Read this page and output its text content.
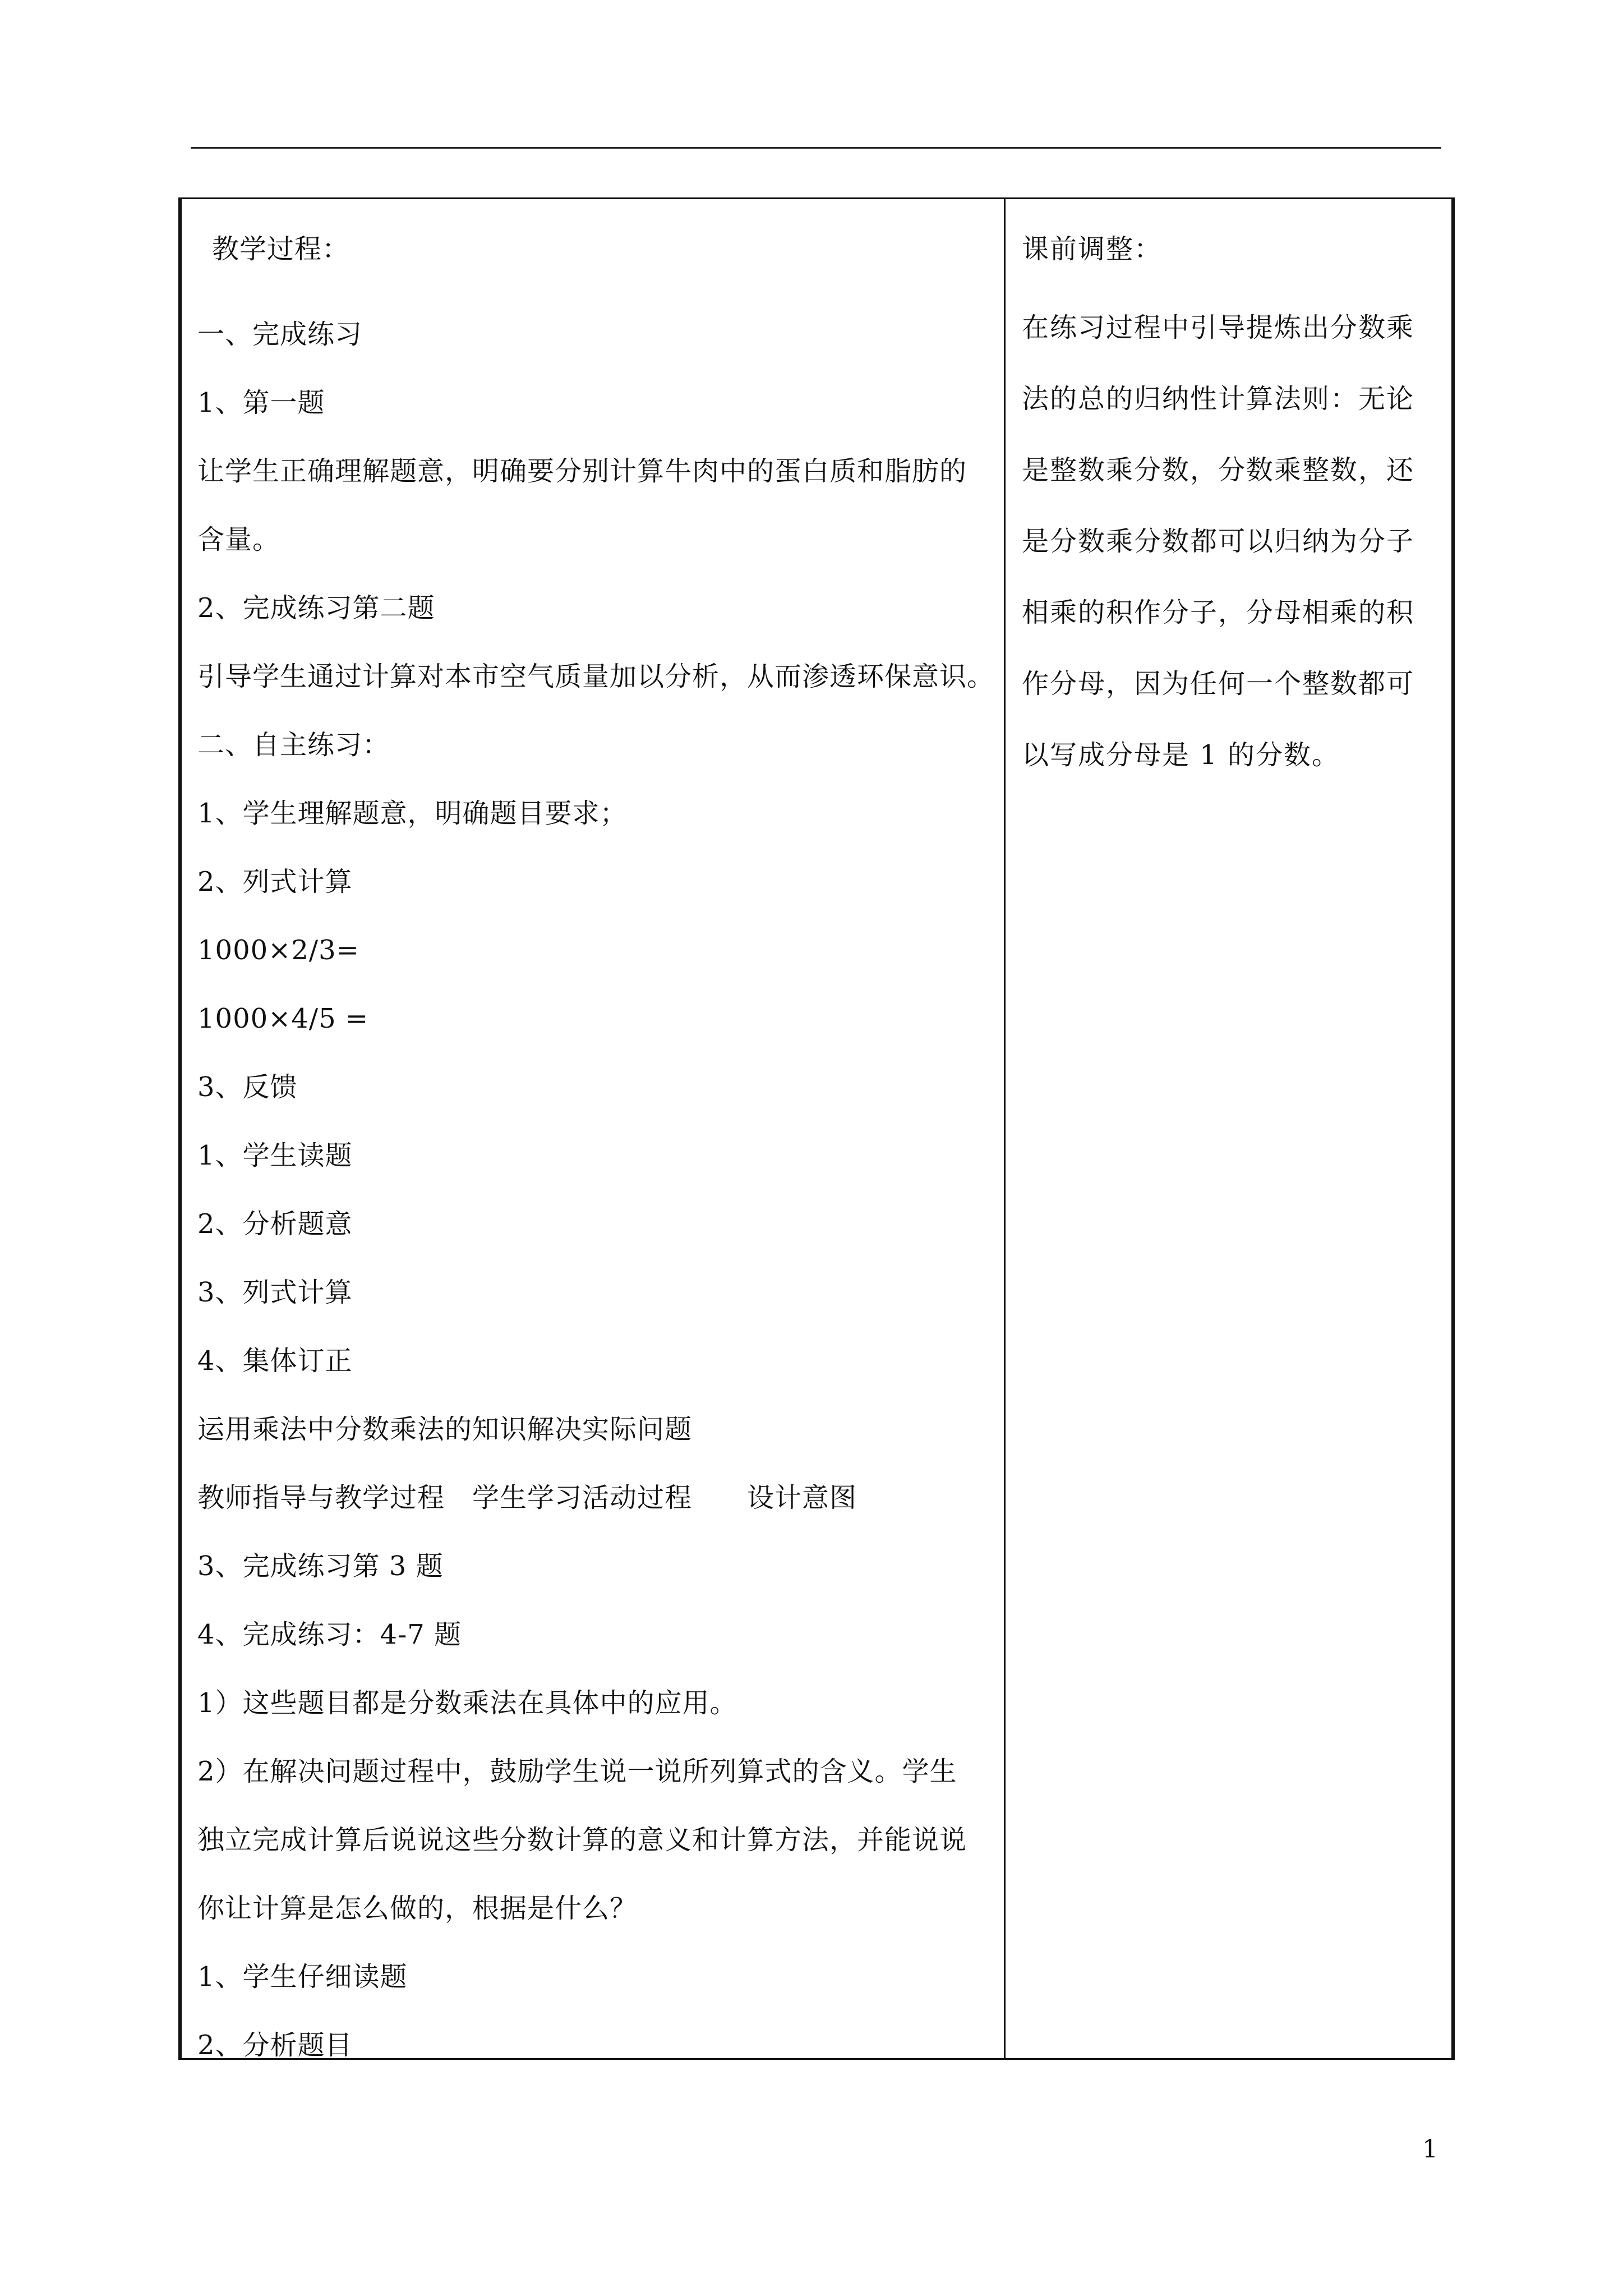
教学过程：
一、完成练习
1、第一题
让学生正确理解题意，明确要分别计算牛肉中的蛋白质和脂肪的
含量。
2、完成练习第二题
引导学生通过计算对本市空气质量加以分析，从而渗透环保意识。
二、自主练习：
1、学生理解题意，明确题目要求；
2、列式计算
1000×2/3=
1000×4/5 =
3、反馈
1、学生读题
2、分析题意
3、列式计算
4、集体订正
运用乘法中分数乘法的知识解决实际问题
教师指导与教学过程　学生学习活动过程　　设计意图
3、完成练习第 3 题
4、完成练习：4-7 题
1）这些题目都是分数乘法在具体中的应用。
2）在解决问题过程中，鼓励学生说一说所列算式的含义。学生
独立完成计算后说说这些分数计算的意义和计算方法，并能说说
你让计算是怎么做的，根据是什么？
1、学生仔细读题
2、分析题目
课前调整：
在练习过程中引导提炼出分数乘
法的总的归纳性计算法则：无论
是整数乘分数，分数乘整数，还
是分数乘分数都可以归纳为分子
相乘的积作分子，分母相乘的积
作分母，因为任何一个整数都可
以写成分母是 1 的分数。
1
